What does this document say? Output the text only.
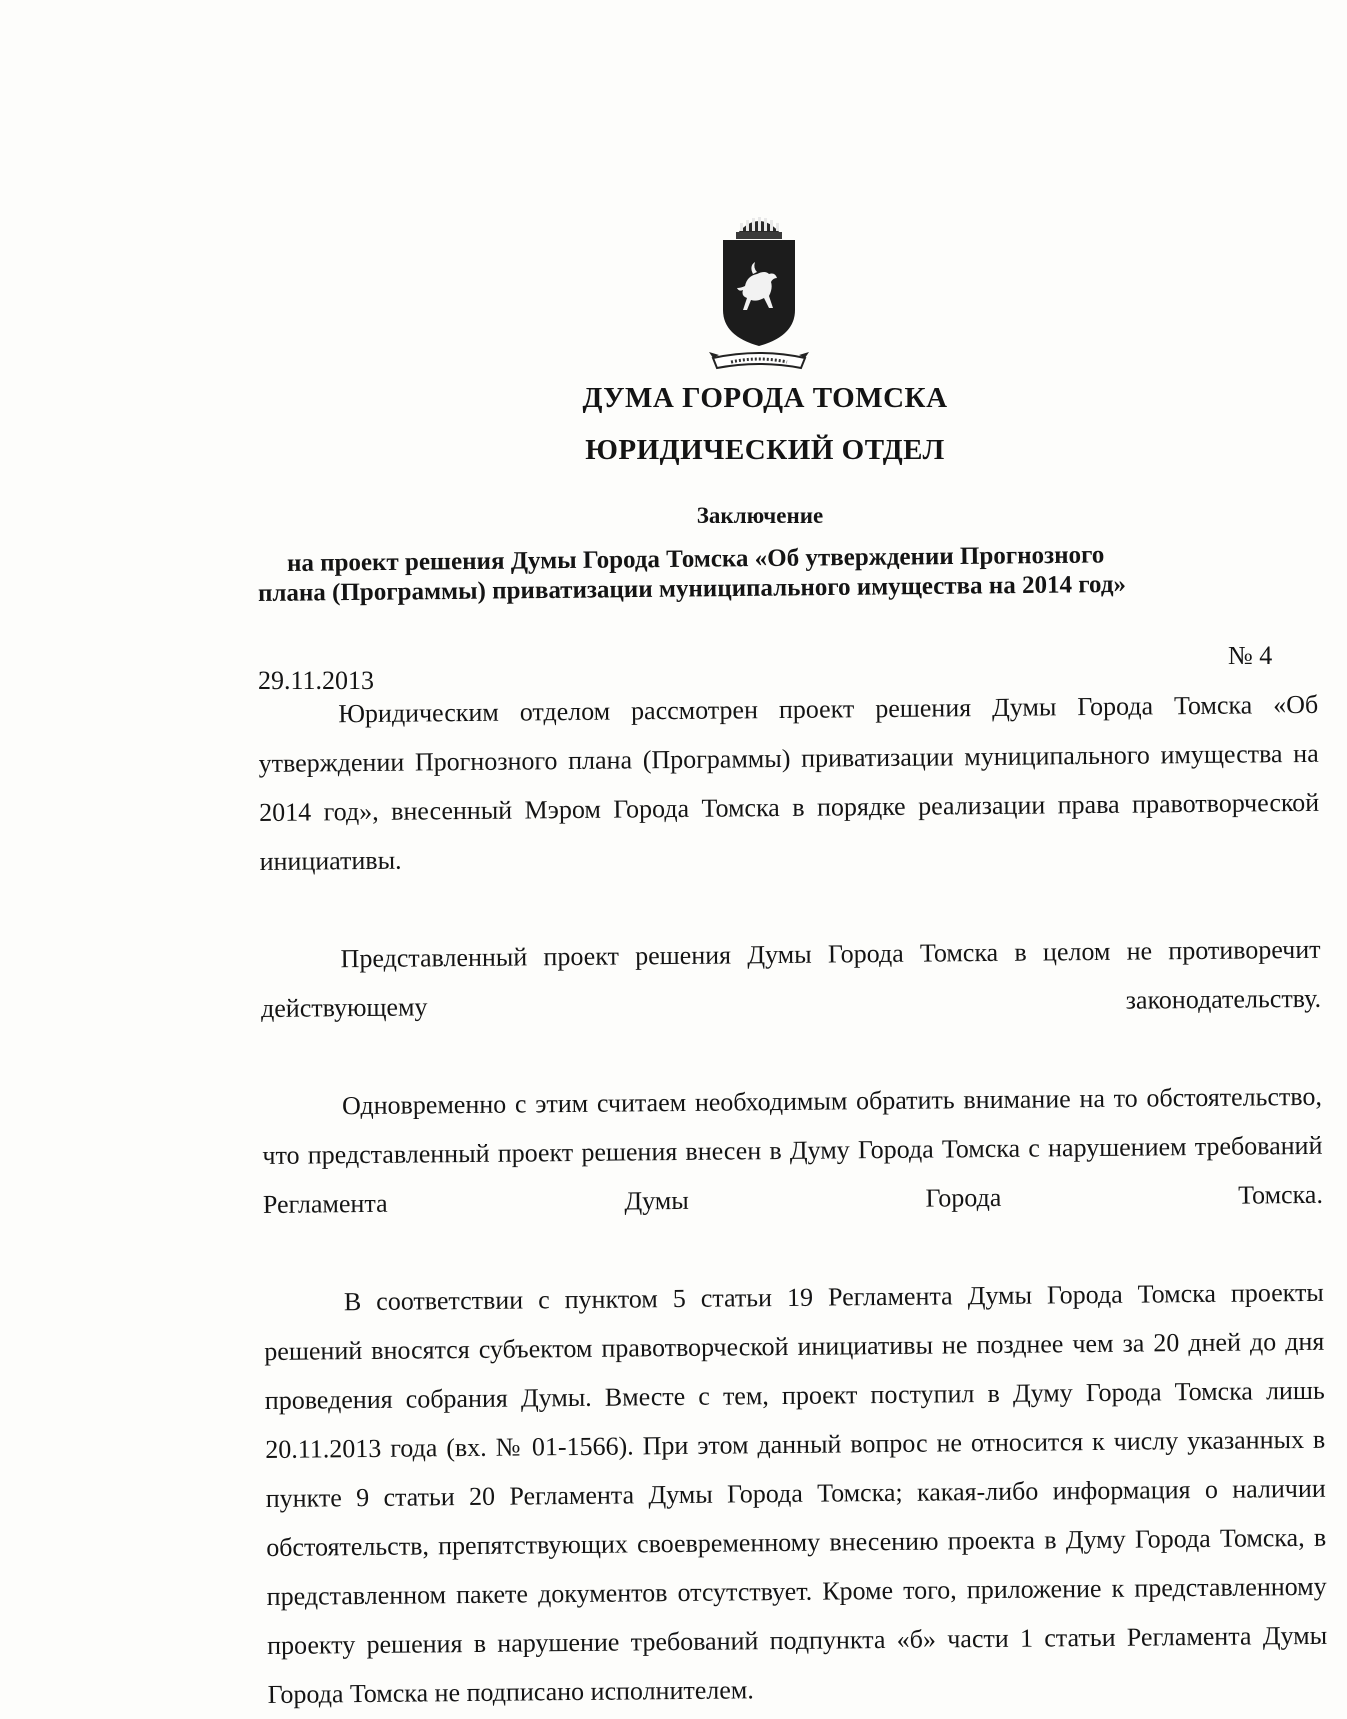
ДУМА ГОРОДА ТОМСКА
ЮРИДИЧЕСКИЙ ОТДЕЛ
Заключение
на проект решения Думы Города Томска «Об утверждении Прогнозного
плана (Программы) приватизации муниципального имущества на 2014 год»
№ 4
29.11.2013

Юридическим отделом рассмотрен проект решения Думы Города Томска «Об утверждении Прогнозного плана (Программы) приватизации муниципального имущества на 2014 год», внесенный Мэром Города Томска в порядке реализации права правотворческой инициативы.

Представленный проект решения Думы Города Томска в целом не противоречит действующему законодательству.

Одновременно с этим считаем необходимым обратить внимание на то обстоятельство, что представленный проект решения внесен в Думу Города Томска с нарушением требований Регламента Думы Города Томска.

В соответствии с пунктом 5 статьи 19 Регламента Думы Города Томска проекты решений вносятся субъектом правотворческой инициативы не позднее чем за 20 дней до дня проведения собрания Думы. Вместе с тем, проект поступил в Думу Города Томска лишь 20.11.2013 года (вх. № 01-1566). При этом данный вопрос не относится к числу указанных в пункте 9 статьи 20 Регламента Думы Города Томска; какая-либо информация о наличии обстоятельств, препятствующих своевременному внесению проекта в Думу Города Томска, в представленном пакете документов отсутствует. Кроме того, приложение к представленному проекту решения в нарушение требований подпункта «б» части 1 статьи Регламента Думы Города Томска не подписано исполнителем.
